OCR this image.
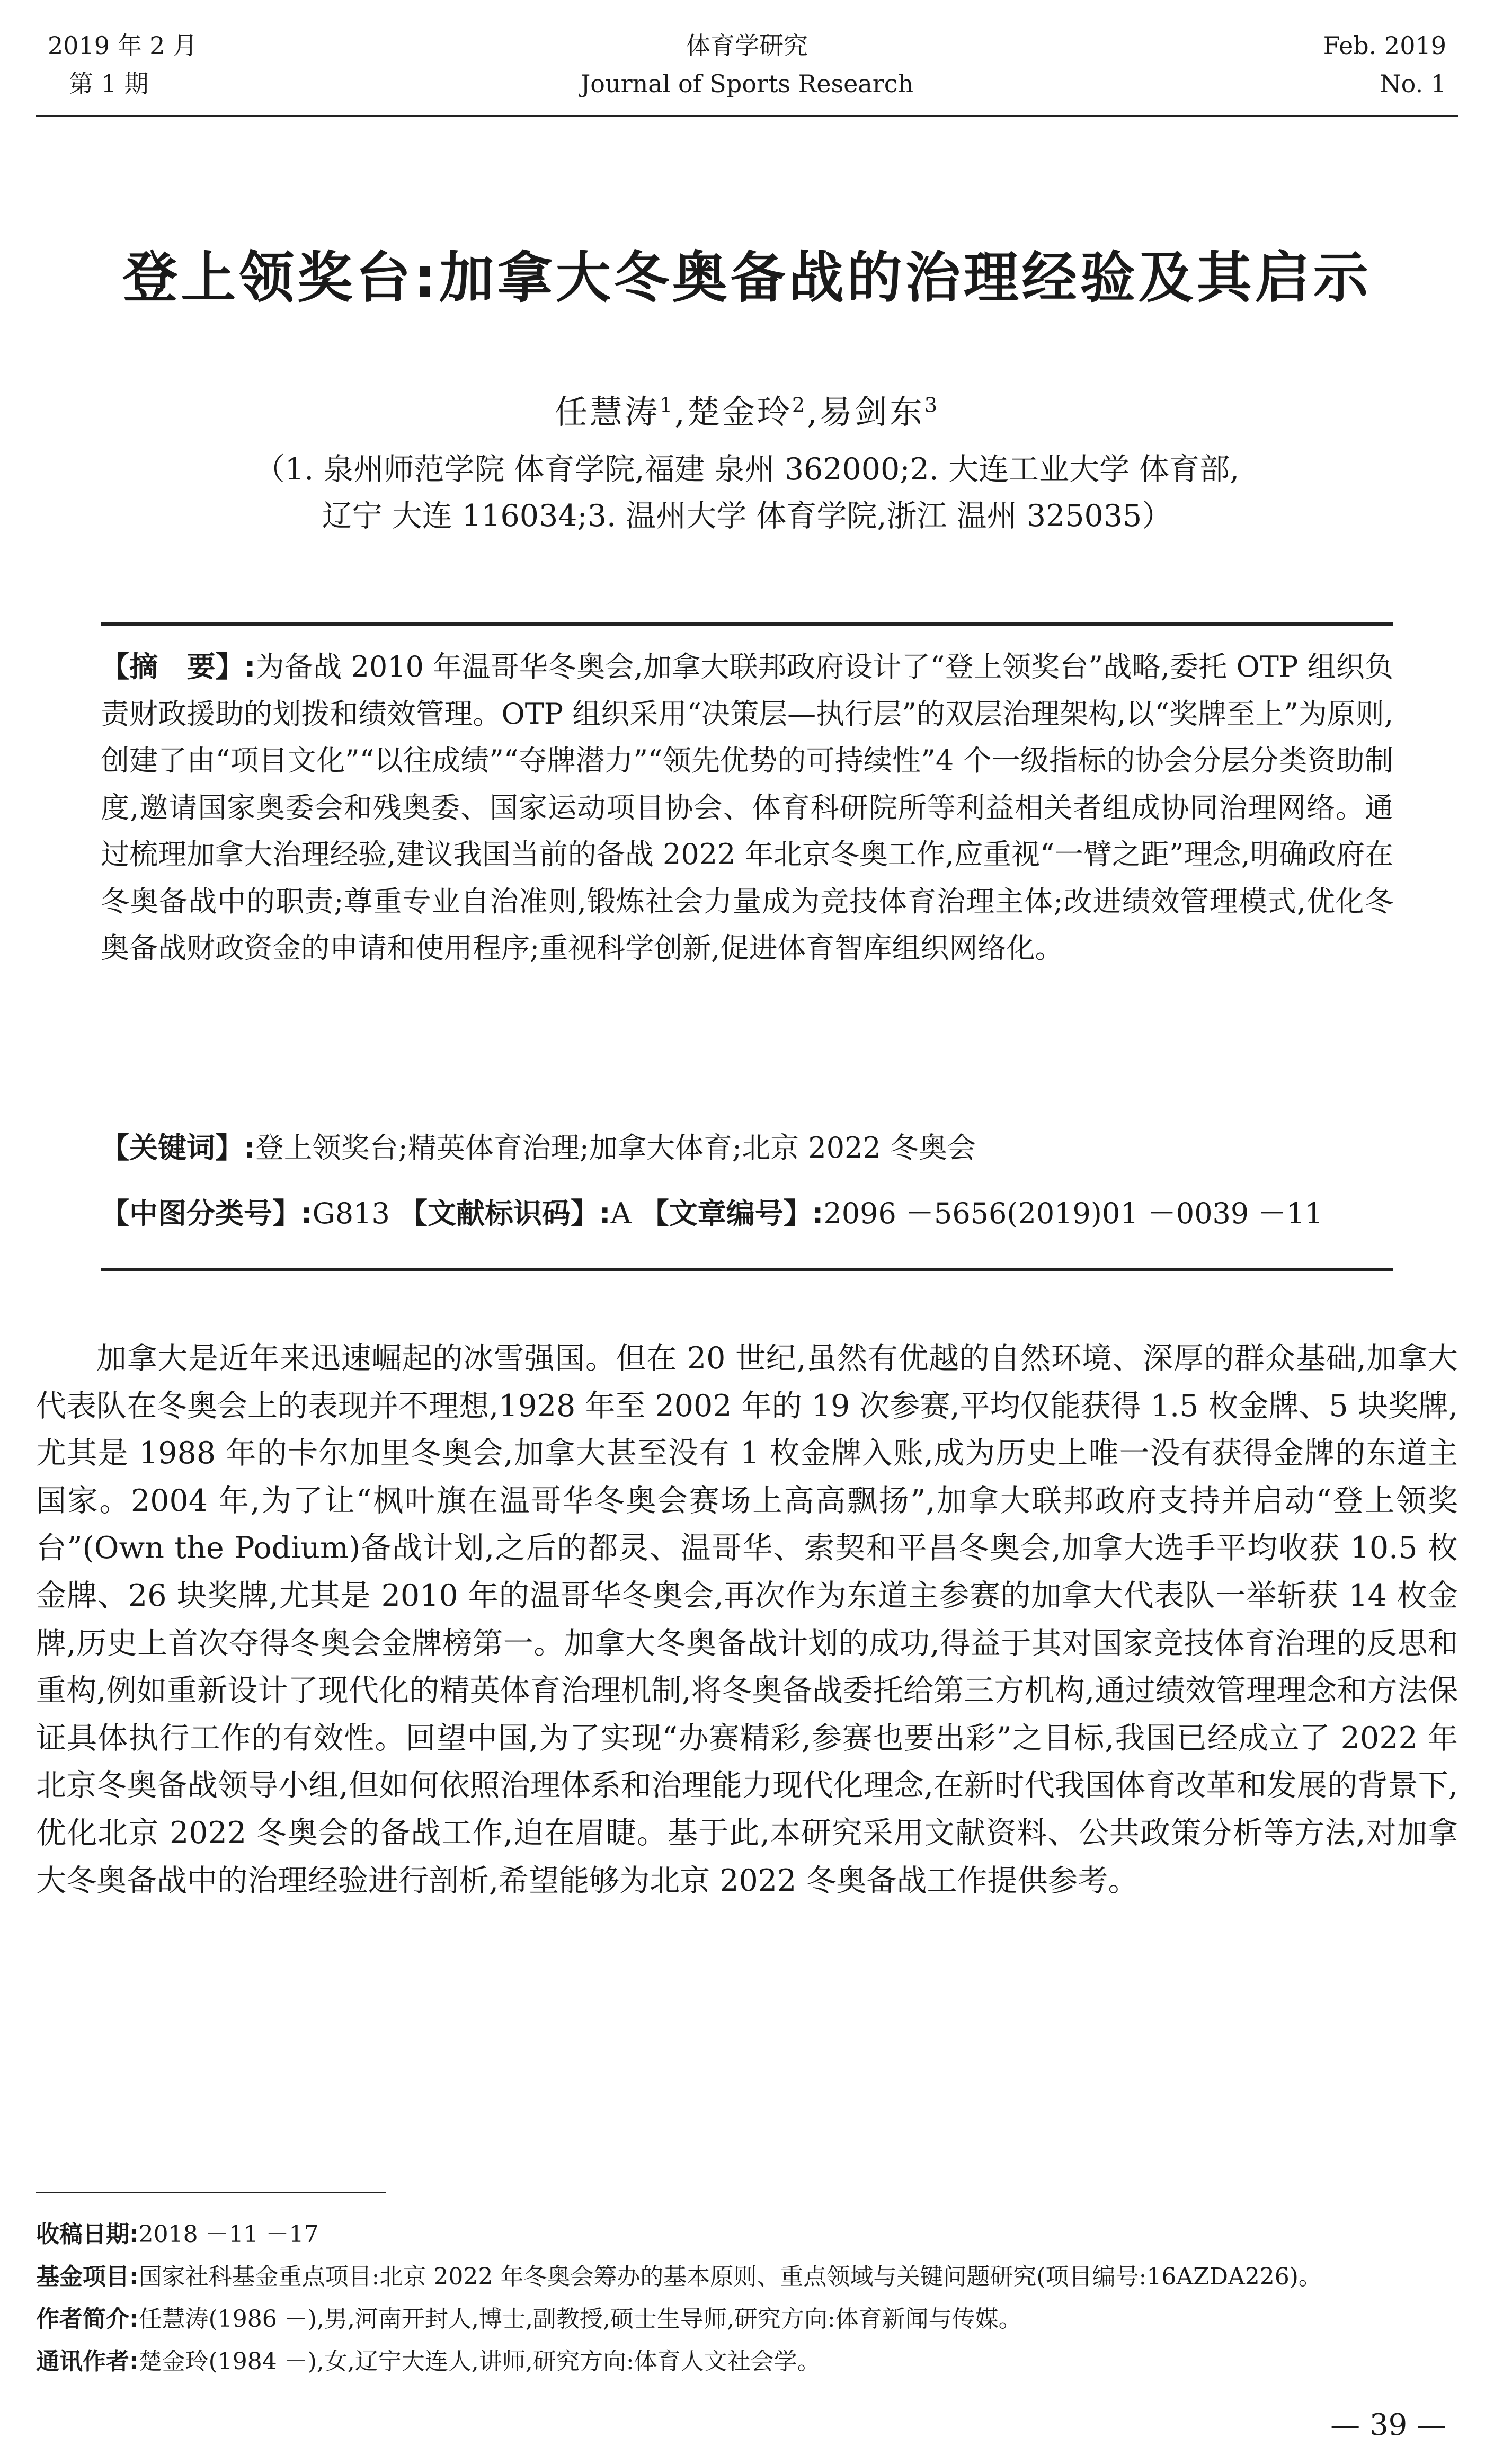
2019 年 2 月
第 1 期
体育学研究
Journal of Sports Research
Feb. 2019
No. 1
登上领奖台:加拿大冬奥备战的治理经验及其启示
任慧涛$^1$,楚金玲$^2$,易剑东$^3$
（1. 泉州师范学院 体育学院,福建 泉州 362000;2. 大连工业大学 体育部,
辽宁 大连 116034;3. 温州大学 体育学院,浙江 温州 325035）
【摘　要】:为备战 2010 年温哥华冬奥会,加拿大联邦政府设计了“登上领奖台”战略,委托 OTP 组织负责财政援助的划拨和绩效管理。OTP 组织采用“决策层—执行层”的双层治理架构,以“奖牌至上”为原则,创建了由“项目文化”“以往成绩”“夺牌潜力”“领先优势的可持续性”4 个一级指标的协会分层分类资助制度,邀请国家奥委会和残奥委、国家运动项目协会、体育科研院所等利益相关者组成协同治理网络。通过梳理加拿大治理经验,建议我国当前的备战 2022 年北京冬奥工作,应重视“一臂之距”理念,明确政府在冬奥备战中的职责;尊重专业自治准则,锻炼社会力量成为竞技体育治理主体;改进绩效管理模式,优化冬奥备战财政资金的申请和使用程序;重视科学创新,促进体育智库组织网络化。
【关键词】:登上领奖台;精英体育治理;加拿大体育;北京 2022 冬奥会
【中图分类号】:G813 【文献标识码】:A 【文章编号】:2096 －5656(2019)01 －0039 －11
加拿大是近年来迅速崛起的冰雪强国。但在 20 世纪,虽然有优越的自然环境、深厚的群众基础,加拿大代表队在冬奥会上的表现并不理想,1928 年至 2002 年的 19 次参赛,平均仅能获得 1.5 枚金牌、5 块奖牌,尤其是 1988 年的卡尔加里冬奥会,加拿大甚至没有 1 枚金牌入账,成为历史上唯一没有获得金牌的东道主国家。2004 年,为了让“枫叶旗在温哥华冬奥会赛场上高高飘扬”,加拿大联邦政府支持并启动“登上领奖台”(Own the Podium)备战计划,之后的都灵、温哥华、索契和平昌冬奥会,加拿大选手平均收获 10.5 枚金牌、26 块奖牌,尤其是 2010 年的温哥华冬奥会,再次作为东道主参赛的加拿大代表队一举斩获 14 枚金牌,历史上首次夺得冬奥会金牌榜第一。加拿大冬奥备战计划的成功,得益于其对国家竞技体育治理的反思和重构,例如重新设计了现代化的精英体育治理机制,将冬奥备战委托给第三方机构,通过绩效管理理念和方法保证具体执行工作的有效性。回望中国,为了实现“办赛精彩,参赛也要出彩”之目标,我国已经成立了 2022 年北京冬奥备战领导小组,但如何依照治理体系和治理能力现代化理念,在新时代我国体育改革和发展的背景下,优化北京 2022 冬奥会的备战工作,迫在眉睫。基于此,本研究采用文献资料、公共政策分析等方法,对加拿大冬奥备战中的治理经验进行剖析,希望能够为北京 2022 冬奥备战工作提供参考。
收稿日期:2018 －11 －17
基金项目:国家社科基金重点项目:北京 2022 年冬奥会筹办的基本原则、重点领域与关键问题研究(项目编号:16AZDA226)。
作者简介:任慧涛(1986 －),男,河南开封人,博士,副教授,硕士生导师,研究方向:体育新闻与传媒。
通讯作者:楚金玲(1984 －),女,辽宁大连人,讲师,研究方向:体育人文社会学。
— 39 —
